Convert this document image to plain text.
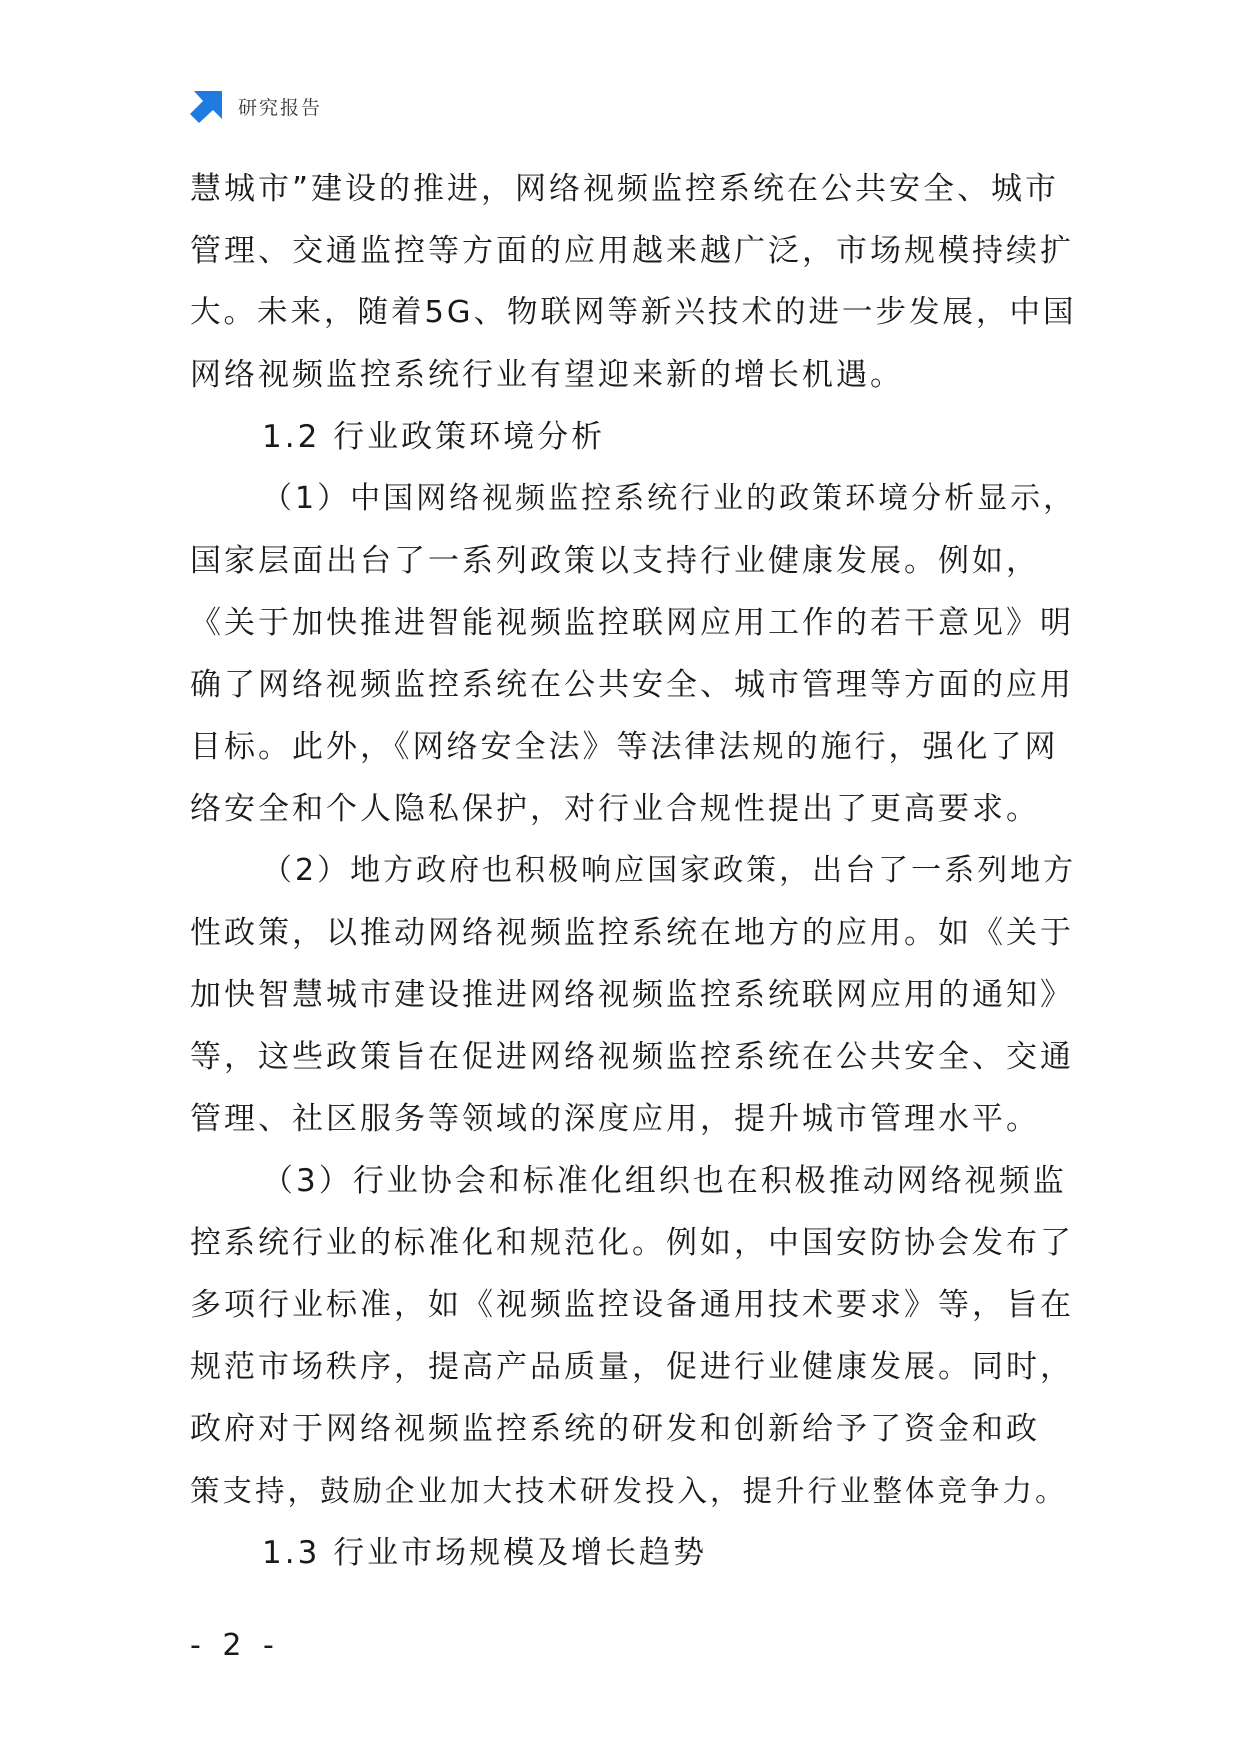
研究报告
慧城市”建设的推进，网络视频监控系统在公共安全、城市
管理、交通监控等方面的应用越来越广泛，市场规模持续扩
大。未来，随着5G、物联网等新兴技术的进一步发展，中国
网络视频监控系统行业有望迎来新的增长机遇。
1.2 行业政策环境分析
（1）中国网络视频监控系统行业的政策环境分析显示，
国家层面出台了一系列政策以支持行业健康发展。例如，
《关于加快推进智能视频监控联网应用工作的若干意见》明
确了网络视频监控系统在公共安全、城市管理等方面的应用
目标。此外，《网络安全法》等法律法规的施行，强化了网
络安全和个人隐私保护，对行业合规性提出了更高要求。
（2）地方政府也积极响应国家政策，出台了一系列地方
性政策，以推动网络视频监控系统在地方的应用。如《关于
加快智慧城市建设推进网络视频监控系统联网应用的通知》
等，这些政策旨在促进网络视频监控系统在公共安全、交通
管理、社区服务等领域的深度应用，提升城市管理水平。
（3）行业协会和标准化组织也在积极推动网络视频监
控系统行业的标准化和规范化。例如，中国安防协会发布了
多项行业标准，如《视频监控设备通用技术要求》等，旨在
规范市场秩序，提高产品质量，促进行业健康发展。同时，
政府对于网络视频监控系统的研发和创新给予了资金和政
策支持，鼓励企业加大技术研发投入，提升行业整体竞争力。
1.3 行业市场规模及增长趋势
- 2 -
